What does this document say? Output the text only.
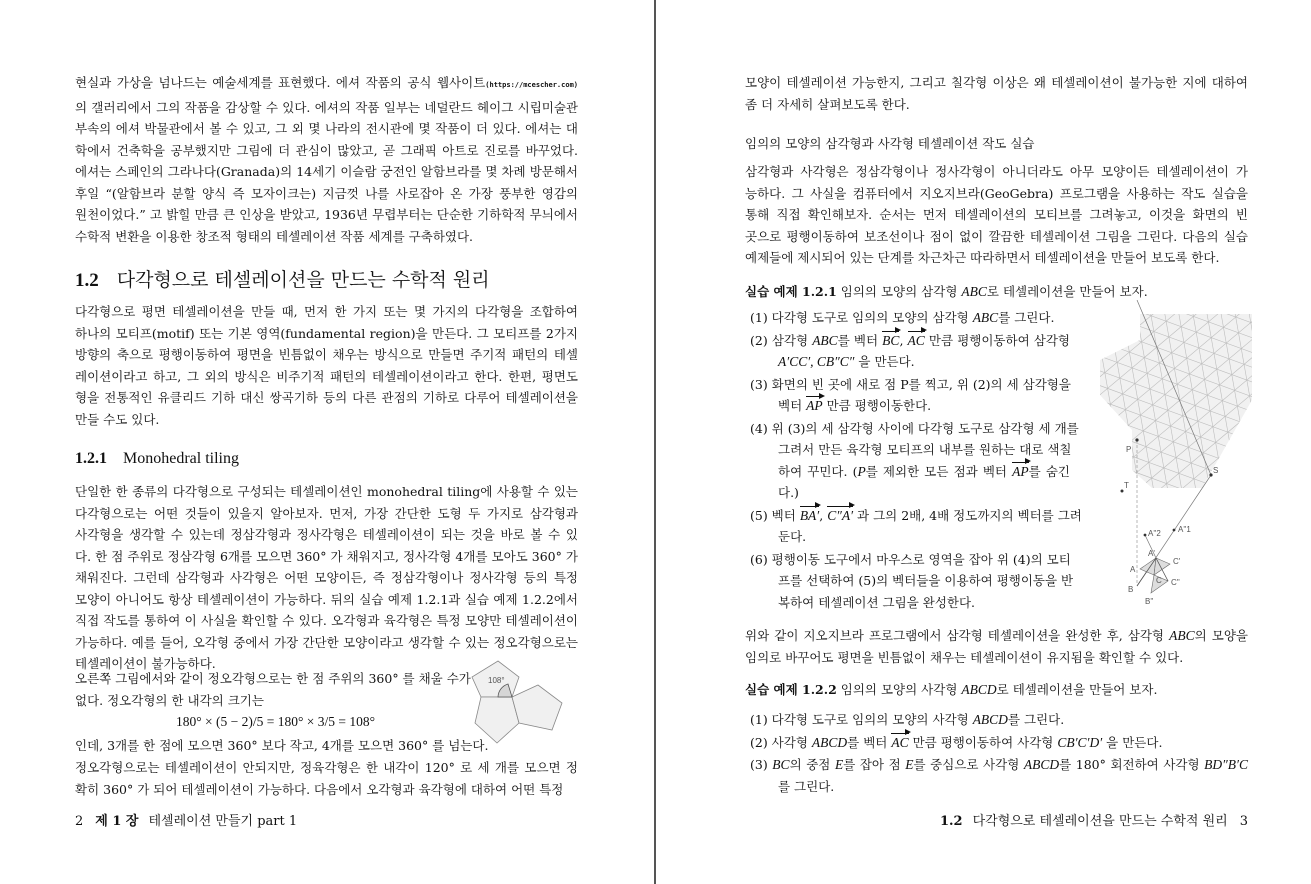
현실과 가상을 넘나드는 예술세계를 표현했다. 에셔 작품의 공식 웹사이트(https://mcescher.com)
의 갤러리에서 그의 작품을 감상할 수 있다. 에셔의 작품 일부는 네덜란드 헤이그 시립미술관
부속의 에셔 박물관에서 볼 수 있고, 그 외 몇 나라의 전시관에 몇 작품이 더 있다. 에셔는 대
학에서 건축학을 공부했지만 그림에 더 관심이 많았고, 곧 그래픽 아트로 진로를 바꾸었다.
에셔는 스페인의 그라나다(Granada)의 14세기 이슬람 궁전인 알함브라를 몇 차례 방문해서
후일 “(알함브라 분할 양식 즉 모자이크는) 지금껏 나를 사로잡아 온 가장 풍부한 영감의
원천이었다.” 고 밝힐 만큼 큰 인상을 받았고, 1936년 무렵부터는 단순한 기하학적 무늬에서
수학적 변환을 이용한 창조적 형태의 테셀레이션 작품 세계를 구축하였다.
1.2 다각형으로 테셀레이션을 만드는 수학적 원리
다각형으로 평면 테셀레이션을 만들 때, 먼저 한 가지 또는 몇 가지의 다각형을 조합하여
하나의 모티프(motif) 또는 기본 영역(fundamental region)을 만든다. 그 모티프를 2가지
방향의 축으로 평행이동하여 평면을 빈틈없이 채우는 방식으로 만들면 주기적 패턴의 테셀
레이션이라고 하고, 그 외의 방식은 비주기적 패턴의 테셀레이션이라고 한다. 한편, 평면도
형을 전통적인 유클리드 기하 대신 쌍곡기하 등의 다른 관점의 기하로 다루어 테셀레이션을
만들 수도 있다.
1.2.1 Monohedral tiling
단일한 한 종류의 다각형으로 구성되는 테셀레이션인 monohedral tiling에 사용할 수 있는
다각형으로는 어떤 것들이 있을지 알아보자. 먼저, 가장 간단한 도형 두 가지로 삼각형과
사각형을 생각할 수 있는데 정삼각형과 정사각형은 테셀레이션이 되는 것을 바로 볼 수 있
다. 한 점 주위로 정삼각형 6개를 모으면 360° 가 채워지고, 정사각형 4개를 모아도 360° 가
채워진다. 그런데 삼각형과 사각형은 어떤 모양이든, 즉 정삼각형이나 정사각형 등의 특정
모양이 아니어도 항상 테셀레이션이 가능하다. 뒤의 실습 예제 1.2.1과 실습 예제 1.2.2에서
직접 작도를 통하여 이 사실을 확인할 수 있다. 오각형과 육각형은 특정 모양만 테셀레이션이
가능하다. 예를 들어, 오각형 중에서 가장 간단한 모양이라고 생각할 수 있는 정오각형으로는
테셀레이션이 불가능하다.
오른쪽 그림에서와 같이 정오각형으로는 한 점 주위의 360° 를 채울 수가
없다. 정오각형의 한 내각의 크기는
180° × (5 − 2)/5 = 180° × 3/5 = 108°
인데, 3개를 한 점에 모으면 360° 보다 작고, 4개를 모으면 360° 를 넘는다.
정오각형으로는 테셀레이션이 안되지만, 정육각형은 한 내각이 120° 로 세 개를 모으면 정
확히 360° 가 되어 테셀레이션이 가능하다. 다음에서 오각형과 육각형에 대하여 어떤 특정
108°
2 제 1 장 테셀레이션 만들기 part 1
모양이 테셀레이션 가능한지, 그리고 칠각형 이상은 왜 테셀레이션이 불가능한 지에 대하여
좀 더 자세히 살펴보도록 한다.
임의의 모양의 삼각형과 사각형 테셀레이션 작도 실습
삼각형과 사각형은 정삼각형이나 정사각형이 아니더라도 아무 모양이든 테셀레이션이 가
능하다. 그 사실을 컴퓨터에서 지오지브라(GeoGebra) 프로그램을 사용하는 작도 실습을
통해 직접 확인해보자. 순서는 먼저 테셀레이션의 모티브를 그려놓고, 이것을 화면의 빈
곳으로 평행이동하여 보조선이나 점이 없이 깔끔한 테셀레이션 그림을 그린다. 다음의 실습
예제들에 제시되어 있는 단계를 차근차근 따라하면서 테셀레이션을 만들어 보도록 한다.
실습 예제 1.2.1 임의의 모양의 삼각형 ABC로 테셀레이션을 만들어 보자.
(1) 다각형 도구로 임의의 모양의 삼각형 ABC를 그린다.
(2) 삼각형 ABC를 벡터 BC, AC 만큼 평행이동하여 삼각형
A′CC′, CB″C″ 을 만든다.
(3) 화면의 빈 곳에 새로 점 P를 찍고, 위 (2)의 세 삼각형을
벡터 AP 만큼 평행이동한다.
(4) 위 (3)의 세 삼각형 사이에 다각형 도구로 삼각형 세 개를
그려서 만든 육각형 모티프의 내부를 원하는 대로 색칠
하여 꾸민다. (P를 제외한 모든 점과 벡터 AP를 숨긴
다.)
(5) 벡터 BA′, C″A′ 과 그의 2배, 4배 정도까지의 벡터를 그려
둔다.
(6) 평행이동 도구에서 마우스로 영역을 잡아 위 (4)의 모티
프를 선택하여 (5)의 벡터들을 이용하여 평행이동을 반
복하여 테셀레이션 그림을 완성한다.
P
T
S
A''2 A''1
A'
C'
A
C C''
B
B''
위와 같이 지오지브라 프로그램에서 삼각형 테셀레이션을 완성한 후, 삼각형 ABC의 모양을
임의로 바꾸어도 평면을 빈틈없이 채우는 테셀레이션이 유지됨을 확인할 수 있다.
실습 예제 1.2.2 임의의 모양의 사각형 ABCD로 테셀레이션을 만들어 보자.
(1) 다각형 도구로 임의의 모양의 사각형 ABCD를 그린다.
(2) 사각형 ABCD를 벡터 AC 만큼 평행이동하여 사각형 CB′C′D′ 을 만든다.
(3) BC의 중점 E를 잡아 점 E를 중심으로 사각형 ABCD를 180° 회전하여 사각형 BD″B′C
를 그린다.
1.2 다각형으로 테셀레이션을 만드는 수학적 원리 3
